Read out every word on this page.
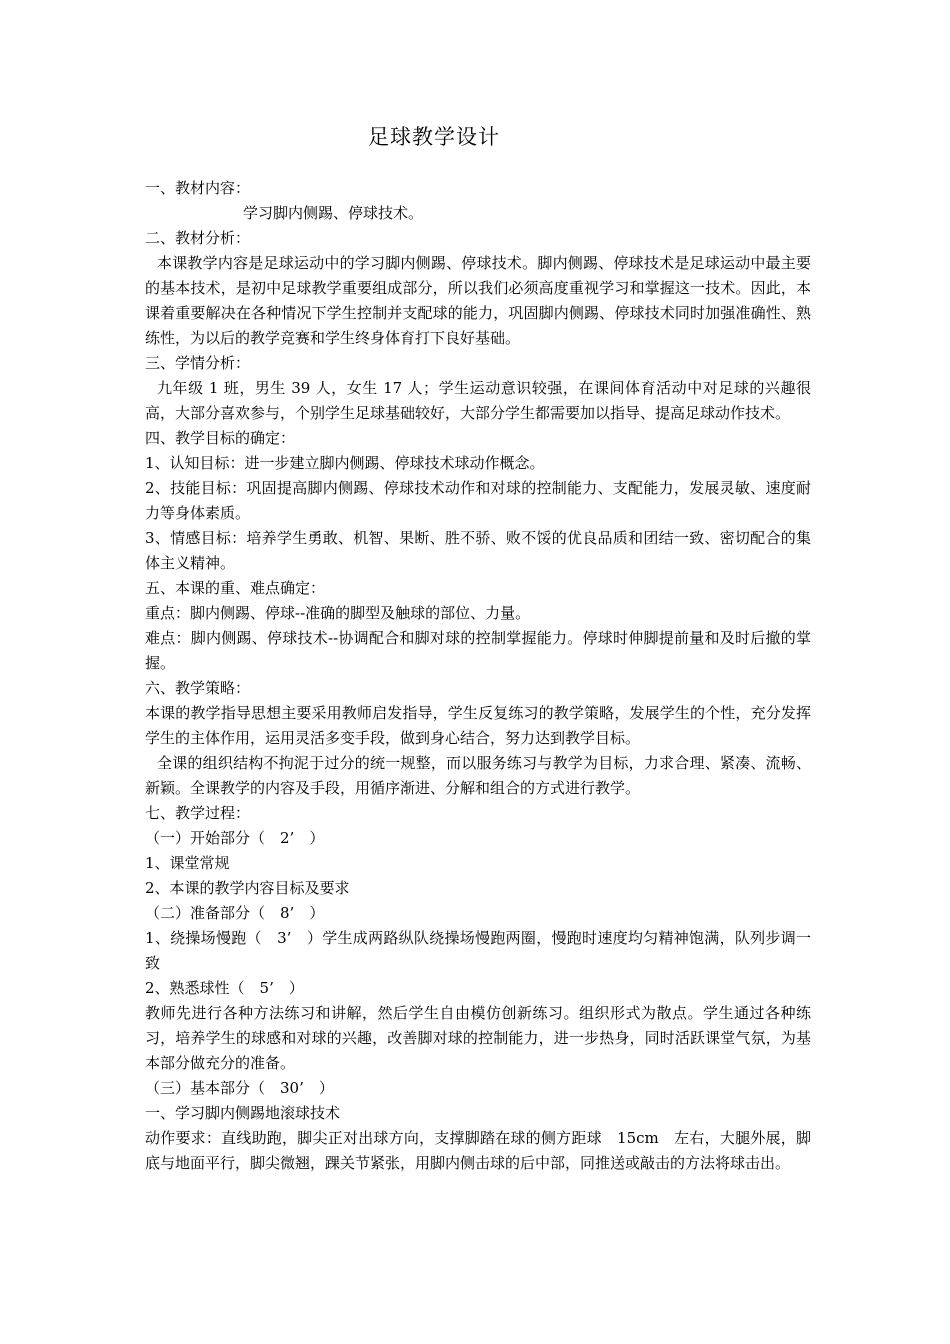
足球教学设计

一、教材内容：

学习脚内侧踢、停球技术。

二、教材分析：

本课教学内容是足球运动中的学习脚内侧踢、停球技术。脚内侧踢、停球技术是足球运动中最主要的基本技术，是初中足球教学重要组成部分，所以我们必须高度重视学习和掌握这一技术。因此，本课着重要解决在各种情况下学生控制并支配球的能力，巩固脚内侧踢、停球技术同时加强准确性、熟练性，为以后的教学竞赛和学生终身体育打下良好基础。

三、学情分析：

九年级 1 班，男生 39 人，女生 17 人；学生运动意识较强，在课间体育活动中对足球的兴趣很高，大部分喜欢参与，个别学生足球基础较好，大部分学生都需要加以指导、提高足球动作技术。

四、教学目标的确定：

1、认知目标：进一步建立脚内侧踢、停球技术球动作概念。

2、技能目标：巩固提高脚内侧踢、停球技术动作和对球的控制能力、支配能力，发展灵敏、速度耐力等身体素质。

3、情感目标：培养学生勇敢、机智、果断、胜不骄、败不馁的优良品质和团结一致、密切配合的集体主义精神。

五、本课的重、难点确定：

重点：脚内侧踢、停球--准确的脚型及触球的部位、力量。

难点：脚内侧踢、停球技术--协调配合和脚对球的控制掌握能力。停球时伸脚提前量和及时后撤的掌握。

六、教学策略：

本课的教学指导思想主要采用教师启发指导，学生反复练习的教学策略，发展学生的个性，充分发挥学生的主体作用，运用灵活多变手段，做到身心结合，努力达到教学目标。

全课的组织结构不拘泥于过分的统一规整，而以服务练习与教学为目标，力求合理、紧凑、流畅、新颖。全课教学的内容及手段，用循序渐进、分解和组合的方式进行教学。

七、教学过程：

（一）开始部分（　2’　）

1、课堂常规

2、本课的教学内容目标及要求

（二）准备部分（　8’　）

1、绕操场慢跑（　3’　）学生成两路纵队绕操场慢跑两圈，慢跑时速度均匀精神饱满，队列步调一致

2、熟悉球性（　5’　）

教师先进行各种方法练习和讲解，然后学生自由模仿创新练习。组织形式为散点。学生通过各种练习，培养学生的球感和对球的兴趣，改善脚对球的控制能力，进一步热身，同时活跃课堂气氛，为基本部分做充分的准备。

（三）基本部分（　30’　）

一、学习脚内侧踢地滚球技术

动作要求：直线助跑，脚尖正对出球方向，支撑脚踏在球的侧方距球　15cm　左右，大腿外展，脚底与地面平行，脚尖微翘，踝关节紧张，用脚内侧击球的后中部，同推送或敲击的方法将球击出。
